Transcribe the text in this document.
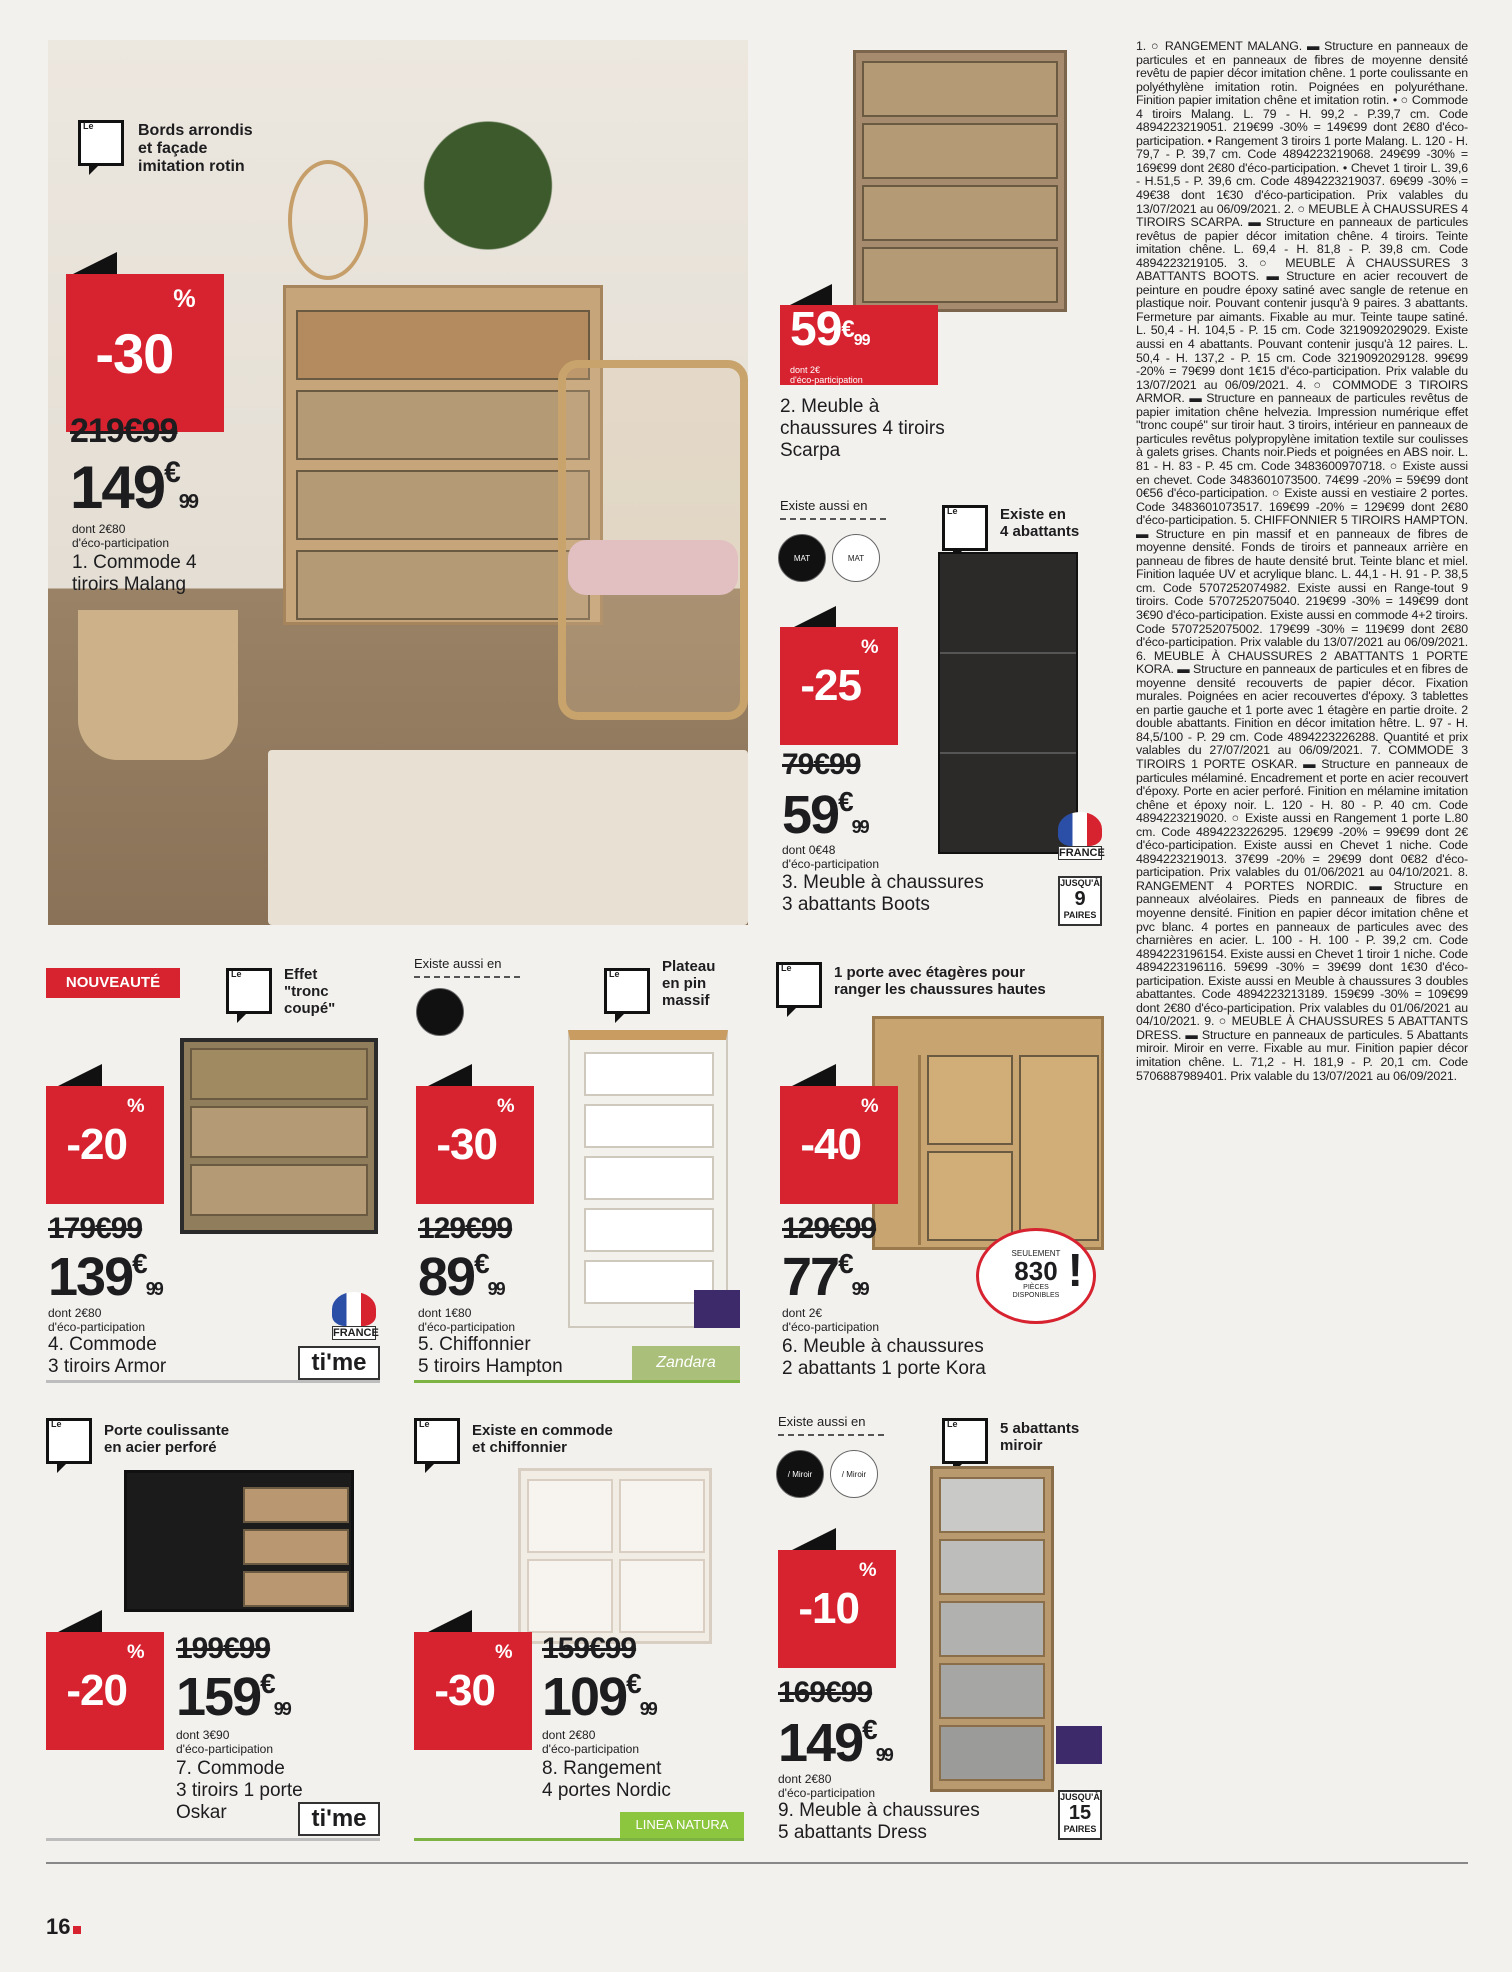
Le
Bords arrondis
et façade
imitation rotin
-30
%
219€99
149€99
dont 2€80
d'éco-participation
1. Commode 4
tiroirs Malang
59€99
dont 2€
d'éco-participation
2. Meuble à
chaussures 4 tiroirs
Scarpa
Existe aussi en
MAT	MAT
Le
Existe en
4 abattants
FRANCE
JUSQU'À
9
PAIRES
-25
%
79€99
59€99
dont 0€48
d'éco-participation
3. Meuble à chaussures
3 abattants Boots
NOUVEAUTÉ
Le	Effet
"tronc
coupé"
-20
%
179€99
139€99
dont 2€80
d'éco-participation
4. Commode
3 tiroirs Armor
FRANCE
ti'me
Existe aussi en
Le	Plateau
en pin
massif
-30
%
129€99
89€99
dont 1€80
d'éco-participation
5. Chiffonnier
5 tiroirs Hampton	Zandara
Le
1 porte avec étagères pour
ranger les chaussures hautes
-40
%
129€99
77€99
dont 2€
d'éco-participation
6. Meuble à chaussures
2 abattants 1 porte Kora
SEULEMENT
830
PIÈCES
DISPONIBLES !
Le
Porte coulissante
en acier perforé
-20
% 199€99
159€99
dont 3€90
d'éco-participation
7. Commode
3 tiroirs 1 porte
Oskar	ti'me
Le
Existe en commode
et chiffonnier
-30
% 159€99
109€99
dont 2€80
d'éco-participation
8. Rangement
4 portes Nordic
LINEA NATURA
Existe aussi en
/ Miroir	/ Miroir
Le
5 abattants
miroir
-10
%
169€99
149€99
dont 2€80
d'éco-participation
9. Meuble à chaussures
5 abattants Dress
JUSQU'À
15
PAIRES
1. ○ RANGEMENT MALANG. ▬ Structure en panneaux de particules et en panneaux de fibres de moyenne densité revêtu de papier décor imitation chêne. 1 porte coulissante en polyéthylène imitation rotin. Poignées en polyuréthane. Finition papier imitation chêne et imitation rotin. • ○ Commode 4 tiroirs Malang. L. 79 - H. 99,2 - P.39,7 cm. Code 4894223219051. 219€99 -30% = 149€99 dont 2€80 d'éco-participation. • Rangement 3 tiroirs 1 porte Malang. L. 120 - H. 79,7 - P. 39,7 cm. Code 4894223219068. 249€99 -30% = 169€99 dont 2€80 d'éco-participation. • Chevet 1 tiroir L. 39,6 - H.51,5 - P. 39,6 cm. Code 4894223219037. 69€99 -30% = 49€38 dont 1€30 d'éco-participation. Prix valables du 13/07/2021 au 06/09/2021. 2. ○ MEUBLE À CHAUSSURES 4 TIROIRS SCARPA. ▬ Structure en panneaux de particules revêtus de papier décor imitation chêne. 4 tiroirs. Teinte imitation chêne. L. 69,4 - H. 81,8 - P. 39,8 cm. Code 4894223219105. 3. ○ MEUBLE À CHAUSSURES 3 ABATTANTS BOOTS. ▬ Structure en acier recouvert de peinture en poudre époxy satiné avec sangle de retenue en plastique noir. Pouvant contenir jusqu'à 9 paires. 3 abattants. Fermeture par aimants. Fixable au mur. Teinte taupe satiné. L. 50,4 - H. 104,5 - P. 15 cm. Code 3219092029029. Existe aussi en 4 abattants. Pouvant contenir jusqu'à 12 paires. L. 50,4 - H. 137,2 - P. 15 cm. Code 3219092029128. 99€99 -20% = 79€99 dont 1€15 d'éco-participation. Prix valable du 13/07/2021 au 06/09/2021. 4. ○ COMMODE 3 TIROIRS ARMOR. ▬ Structure en panneaux de particules revêtus de papier imitation chêne helvezia. Impression numérique effet "tronc coupé" sur tiroir haut. 3 tiroirs, intérieur en panneaux de particules revêtus polypropylène imitation textile sur coulisses à galets grises. Chants noir.Pieds et poignées en ABS noir. L. 81 - H. 83 - P. 45 cm. Code 3483600970718. ○ Existe aussi en chevet. Code 3483601073500. 74€99 -20% = 59€99 dont 0€56 d'éco-participation. ○ Existe aussi en vestiaire 2 portes. Code 3483601073517. 169€99 -20% = 129€99 dont 2€80 d'éco-participation. 5. CHIFFONNIER 5 TIROIRS HAMPTON. ▬ Structure en pin massif et en panneaux de fibres de moyenne densité. Fonds de tiroirs et panneaux arrière en panneau de fibres de haute densité brut. Teinte blanc et miel. Finition laquée UV et acrylique blanc. L. 44,1 - H. 91 - P. 38,5 cm. Code 5707252074982. Existe aussi en Range-tout 9 tiroirs. Code 5707252075040. 219€99 -30% = 149€99 dont 3€90 d'éco-participation. Existe aussi en commode 4+2 tiroirs. Code 5707252075002. 179€99 -30% = 119€99 dont 2€80 d'éco-participation. Prix valable du 13/07/2021 au 06/09/2021. 6. MEUBLE À CHAUSSURES 2 ABATTANTS 1 PORTE KORA. ▬ Structure en panneaux de particules et en fibres de moyenne densité recouverts de papier décor. Fixation murales. Poignées en acier recouvertes d'époxy. 3 tablettes en partie gauche et 1 porte avec 1 étagère en partie droite. 2 double abattants. Finition en décor imitation hêtre. L. 97 - H. 84,5/100 - P. 29 cm. Code 4894223226288. Quantité et prix valables du 27/07/2021 au 06/09/2021. 7. COMMODE 3 TIROIRS 1 PORTE OSKAR. ▬ Structure en panneaux de particules mélaminé. Encadrement et porte en acier recouvert d'époxy. Porte en acier perforé. Finition en mélamine imitation chêne et époxy noir. L. 120 - H. 80 - P. 40 cm. Code 4894223219020. ○ Existe aussi en Rangement 1 porte L.80 cm. Code 4894223226295. 129€99 -20% = 99€99 dont 2€ d'éco-participation. Existe aussi en Chevet 1 niche. Code 4894223219013. 37€99 -20% = 29€99 dont 0€82 d'éco-participation. Prix valables du 01/06/2021 au 04/10/2021. 8. RANGEMENT 4 PORTES NORDIC. ▬ Structure en panneaux alvéolaires. Pieds en panneaux de fibres de moyenne densité. Finition en papier décor imitation chêne et pvc blanc. 4 portes en panneaux de particules avec des charnières en acier. L. 100 - H. 100 - P. 39,2 cm. Code 4894223196154. Existe aussi en Chevet 1 tiroir 1 niche. Code 4894223196116. 59€99 -30% = 39€99 dont 1€30 d'éco-participation. Existe aussi en Meuble à chaussures 3 doubles abattantes. Code 4894223213189. 159€99 -30% = 109€99 dont 2€80 d'éco-participation. Prix valables du 01/06/2021 au 04/10/2021. 9. ○ MEUBLE À CHAUSSURES 5 ABATTANTS DRESS. ▬ Structure en panneaux de particules. 5 Abattants miroir. Miroir en verre. Fixable au mur. Finition papier décor imitation chêne. L. 71,2 - H. 181,9 - P. 20,1 cm. Code 5706887989401. Prix valable du 13/07/2021 au 06/09/2021.
16
